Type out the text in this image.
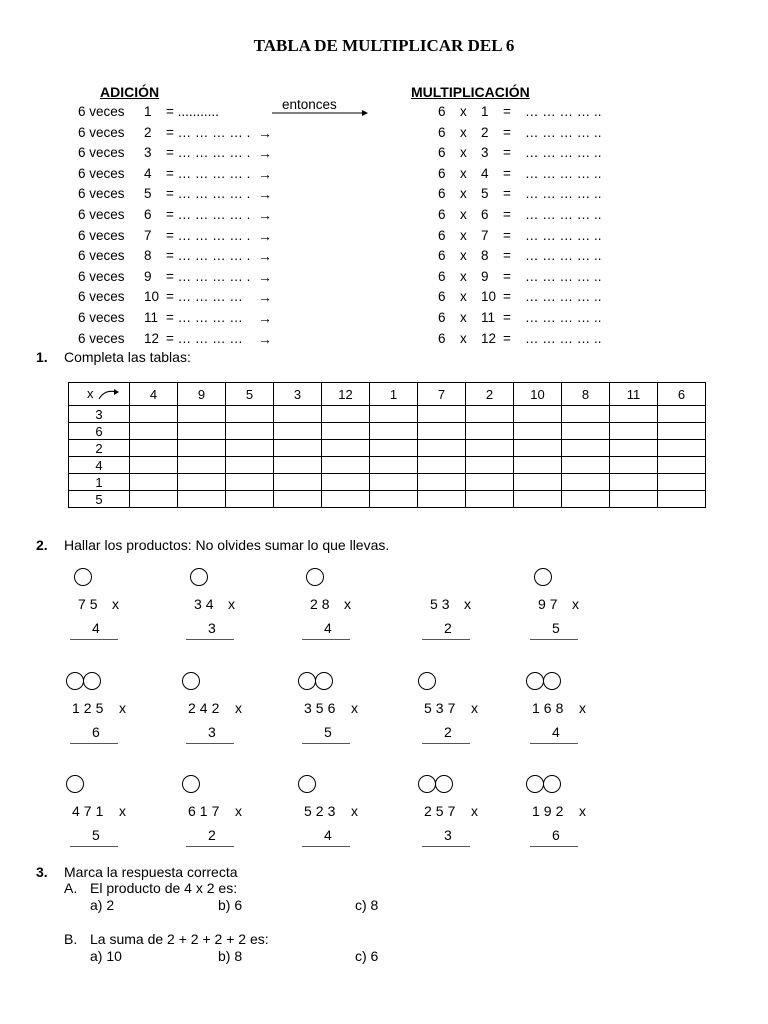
TABLA DE MULTIPLICAR DEL 6
ADICIÓN	MULTIPLICACIÓN
entonces
6 veces 1 = ...........
6 veces 2 = … … … … . →
6 veces 3 = … … … … . →
6 veces 4 = … … … … . →
6 veces 5 = … … … … . →
6 veces 6 = … … … … . →
6 veces 7 = … … … … . →
6 veces 8 = … … … … . →
6 veces 9 = … … … … . →
6 veces 10 = … … … … →
6 veces 11 = … … … … →
6 veces 12 = … … … … →
6 x 1 = … … … … ..
6 x 2 = … … … … ..
6 x 3 = … … … … ..
6 x 4 = … … … … ..
6 x 5 = … … … … ..
6 x 6 = … … … … ..
6 x 7 = … … … … ..
6 x 8 = … … … … ..
6 x 9 = … … … … ..
6 x 10 = … … … … ..
6 x 11 = … … … … ..
6 x 12 = … … … … ..
1. Completa las tablas:
x	4	9	5	3	12	1	7	2	10	8	11	6
3												
6												
2												
4												
1												
5												
2. Hallar los productos: No olvides sumar lo que llevas.
75 x
4
34 x
3
28 x
4
53 x
2
97 x
5
125 x
6
242 x
3
356 x
5
537 x
2
168 x
4
471 x
5
617 x
2
523 x
4
257 x
3
192 x
6
3. Marca la respuesta correcta
A. El producto de 4 x 2 es:
a) 2	b) 6	c) 8
B. La suma de 2 + 2 + 2 + 2 es:
a) 10	b) 8	c) 6
